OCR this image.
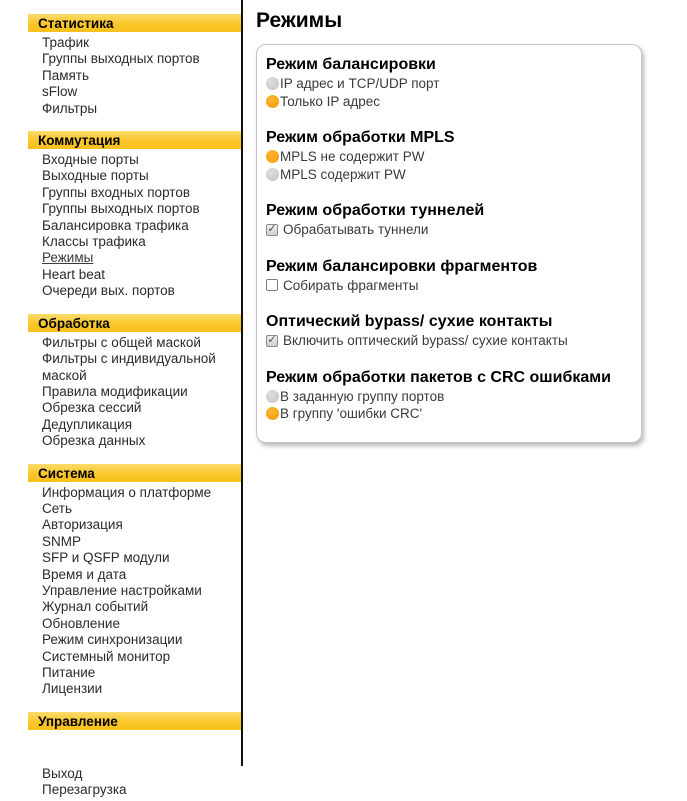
Статистика
Трафик
Группы выходных портов
Память
sFlow
Фильтры
Коммутация
Входные порты
Выходные порты
Группы входных портов
Группы выходных портов
Балансировка трафика
Классы трафика
Режимы
Heart beat
Очереди вых. портов
Обработка
Фильтры с общей маской
Фильтры с индивидуальной маской
Правила модификации
Обрезка сессий
Дедупликация
Обрезка данных
Система
Информация о платформе
Сеть
Авторизация
SNMP
SFP и QSFP модули
Время и дата
Управление настройками
Журнал событий
Обновление
Режим синхронизации
Системный монитор
Питание
Лицензии
Управление
Выход
Перезагрузка
Режимы
Режим балансировки
IP адрес и TCP/UDP порт
Только IP адрес
Режим обработки MPLS
MPLS не содержит PW
MPLS содержит PW
Режим обработки туннелей
✓
Обрабатывать туннели
Режим балансировки фрагментов
Собирать фрагменты
Оптический bypass/ сухие контакты
✓
Включить оптический bypass/ сухие контакты
Режим обработки пакетов с CRC ошибками
В заданную группу портов
В группу 'ошибки CRC'
